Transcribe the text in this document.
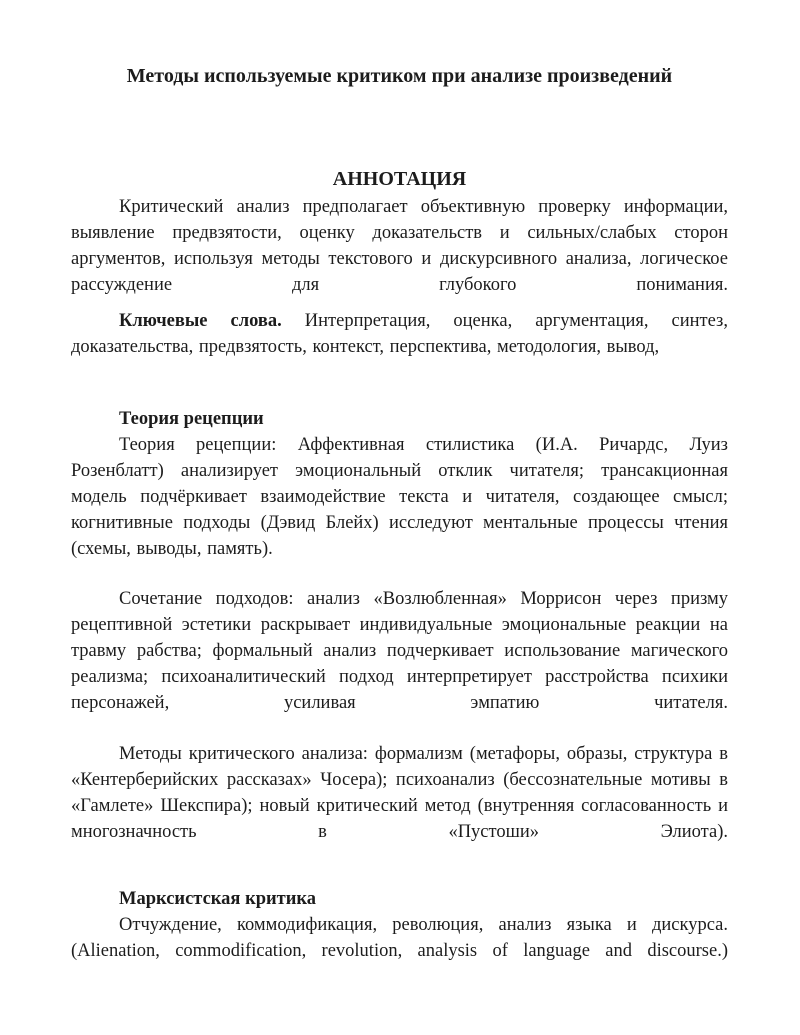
Методы используемые критиком при анализе произведений
АННОТАЦИЯ

Критический анализ предполагает объективную проверку информации, выявление предвзятости, оценку доказательств и сильных/слабых сторон аргументов, используя методы текстового и дискурсивного анализа, логическое рассуждение для глубокого понимания.

Ключевые слова. Интерпретация, оценка, аргументация, синтез, доказательства, предвзятость, контекст, перспектива, методология, вывод,

Теория рецепции

Теория рецепции: Аффективная стилистика (И.А. Ричардс, Луиз Розенблатт) анализирует эмоциональный отклик читателя; трансакционная модель подчёркивает взаимодействие текста и читателя, создающее смысл; когнитивные подходы (Дэвид Блейх) исследуют ментальные процессы чтения (схемы, выводы, память).

Сочетание подходов: анализ «Возлюбленная» Моррисон через призму рецептивной эстетики раскрывает индивидуальные эмоциональные реакции на травму рабства; формальный анализ подчеркивает использование магического реализма; психоаналитический подход интерпретирует расстройства психики персонажей, усиливая эмпатию читателя.

Методы критического анализа: формализм (метафоры, образы, структура в «Кентерберийских рассказах» Чосера); психоанализ (бессознательные мотивы в «Гамлете» Шекспира); новый критический метод (внутренняя согласованность и многозначность в «Пустоши» Элиота).

Марксистская критика

Отчуждение, коммодификация, революция, анализ языка и дискурса. (Alienation, commodification, revolution, analysis of language and discourse.)
